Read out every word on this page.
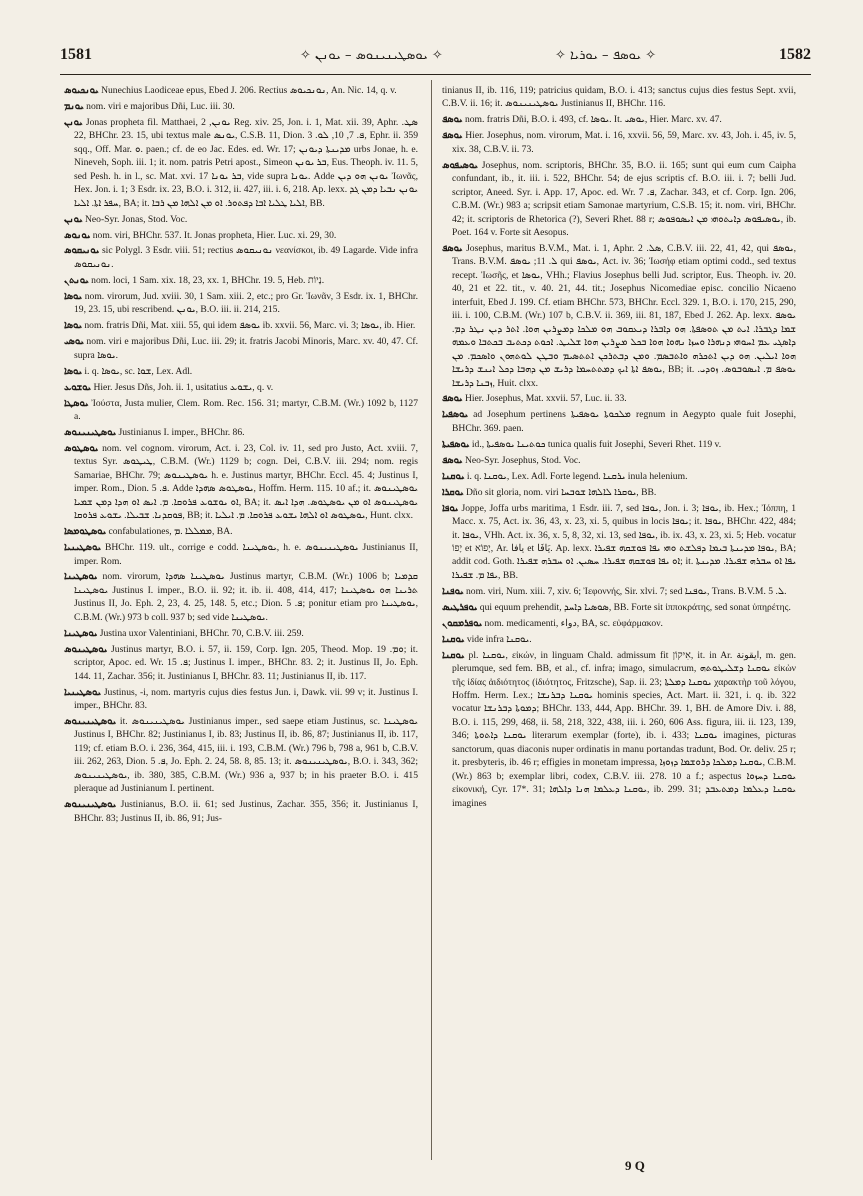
1581	✧ ܝܘܣܛܝܢܝܢܘܣ – ܝܘܢܢ ✧	✧ ܝܘܣܦ – ܝܘܪܝܐ ✧	1582

ܝܘܢܟܝܘܣ Nunechius Laodiceae epus, Ebed J. 206. Rectius ܢܘܢܟܝܘܣ, An. Nic. 14, q. v.

ܝܘܢܡ nom. viri e majoribus Dñi, Luc. iii. 30.

ܝܘܢܢ Jonas propheta fil. Matthaei, ܝܘܢܢ, 2 Reg. xiv. 25, Jon. i. 1, Mat. xii. 39, Aphr. ܣܛ. 22, BHChr. 23. 15, ubi textus male ܝܘܢܣ, C.S.B. 11, Dion. ܦ. 7, 10, ܠܘ. 3, Ephr. ii. 359 sqq., Off. Mar. ܘ. paen.; cf. de eo Jac. Edes. ed. Wr. 17; ܡܕܝܢܬܐ ܕܝܘܢܢ urbs Jonae, h. e. Nineveh, Soph. iii. 1; it. nom. patris Petri apost., Simeon ܒܪ ܝܘܢܢ, Eus. Theoph. iv. 11. 5, sed Pesh. h. in l., sc. Mat. xvi. 17 ܒܪ ܝܘܢܐ, vide supra ܝܘܢܐ. Adde ܝܘܢܢ ܗܘ ܕܝܢ Ἰωνᾶς, Hex. Jon. i. 1; 3 Esdr. ix. 23, B.O. i. 312, ii. 427, iii. i. 6, 218. Ap. lexx. ܝܘܢܢ ܢܒܝܐ ܕܡܢ ܓܕ ܚܦܪ ܐܬܐ. ܐܠܝܐ, BA; it. ܐܠܝܐ ܛܠܝܐ ܐܒܐ ܕܦܬܘܪ. ܐܘ ܡܢ ܐܠܗܐ ܡܢ ܪܒܐ, BB.

ܝܘܢܢ Neo-Syr. Jonas, Stod. Voc.

ܝܘܢܘܣ nom. viri, BHChr. 537. It. Jonas propheta, Hier. Luc. xi. 29, 30.

ܝܘܢܝܩܘܣ sic Polygl. 3 Esdr. viii. 51; rectius ܢܘܢܝܩܘܣ νεανίσκοι, ib. 49 Lagarde. Vide infra ܢܘܢܝܩܘܣ.

ܝܘܢܬܢ nom. loci, 1 Sam. xix. 18, 23, xx. 1, BHChr. 19. 5, Heb. נָיוֹת.

ܝܘܣܐ nom. virorum, Jud. xviii. 30, 1 Sam. xiii. 2, etc.; pro Gr. Ἰωνᾶν, 3 Esdr. ix. 1, BHChr. 19, 23. 15, ubi rescribend. ܝܘܢܢ, B.O. iii. ii. 214, 215.

ܝܘܣܐ nom. fratris Dñi, Mat. xiii. 55, qui idem ܝܘܣܦ ib. xxvii. 56, Marc. vi. 3; ܝܘܣܐ, ib. Hier.

ܝܘܣܝ nom. viri e majoribus Dñi, Luc. iii. 29; it. fratris Jacobi Minoris, Marc. xv. 40, 47. Cf. supra ܝܘܣܐ.

ܝܘܣܐ i. q. ܝܘܣܐ, sc. ܫܘܐ, Lex. Adl.

ܝܘܫܘܥ Hier. Jesus Dñs, Joh. ii. 1, usitatius ܝܫܘܥ, q. v.

ܝܘܣܛܐ Ἰούστα, Justa mulier, Clem. Rom. Rec. 156. 31; martyr, C.B.M. (Wr.) 1092 b, 1127 a.

ܝܘܣܛܝܢܝܢܘܣ Justinianus I. imper., BHChr. 86.

ܝܘܣܛܘܣ nom. vel cognom. virorum, Act. i. 23, Col. iv. 11, sed pro Justo, Act. xviii. 7, textus Syr. ܛܝܛܘܣ, C.B.M. (Wr.) 1129 b; cogn. Dei, C.B.V. iii. 294; nom. regis Samariae, BHChr. 79; ܝܘܣܛܝܢܘܣ h. e. Justinus martyr, BHChr. Eccl. 45. 4; Justinus I, imper. Rom., Dion. ܦ. 5. Adde ܝܘܣܛܘܣ ܣܗܕܐ, Hoffm. Herm. 115. 10 af.; it. ܝܘܣܛܝܢܘܣ ܐܘ ܝܘܫܘܥ ܦܪܘܩܐ. ܡ. ܐܝܣ ܐܘ ܗܕܐ ܕܡܢ ܫܡܝܐ, BA; it. ܝܘܣܛܝܢܘܣ ܐܘ ܡܢ ܝܘܣܛܘܣ. ܗܕܐ ܐܝܣ ܦܘܩܕܢܐ. ܫܒܝܠܐ. ܝܫܘܥ ܦܪܘܩܐ, BB; it. ܝܘܣܛܘܣ ܐܘ ܐܠܗܐ ܝܫܘܥ ܦܪܘܩܐ. ܡ. ܐܝܠܝܐ, Hunt. clxx.

ܝܘܣܛܘܡܣܐ confabulationes, ܡܡܠܠܐ .ܡ, BA.

ܝܘܣܛܝܢܝܐ BHChr. 119. ult., corrige e codd. ܝܘܣܛܝܢܐ, h. e. ܝܘܣܛܝܢܝܢܘܣ Justinianus II, imper. Rom.

ܝܘܣܛܝܢܐ nom. virorum, ܝܘܣܛܝܢܐ ܣܗܕܐ Justinus martyr, C.B.M. (Wr.) 1006 b; ܩܕܡܝܐ ܝܘܣܛܝܢܐ Justinus I. imper., B.O. ii. 92; it. ib. ii. 408, 414, 417; ܬܪܝܢܐ ܗܘ ܝܘܣܛܝܢܐ Justinus II, Jo. Eph. 2, 23, 4. 25, 148. 5, etc.; Dion. ܦ. 5; ponitur etiam pro ܝܘܣܛܝܢܐ, C.B.M. (Wr.) 973 b coll. 937 b; sed vide ܝܘܣܛܝܢܐ.

ܝܘܣܛܝܢܐ Justina uxor Valentiniani, BHChr. 70, C.B.V. iii. 259.

ܝܘܣܛܝܢܘܣ Justinus martyr, B.O. i. 57, ii. 159, Corp. Ign. 205, Theod. Mop. ܘܡ. 19; it. scriptor, Apoc. ed. Wr. ܦ. 15; Justinus I. imper., BHChr. 83. 2; it. Justinus II, Jo. Eph. 144. 11, Zachar. 356; it. Justinianus I, BHChr. 83. 11; Justinianus II, ib. 117.

ܝܘܣܛܝܢܝܐ Justinus, -i, nom. martyris cujus dies festus Jun. i, Dawk. vii. 99 v; it. Justinus I. imper., BHChr. 83.

ܝܘܣܛܝܢܝܢܘܣ it. ܝܘܣܛܝܢܝܢܘܣ Justinianus imper., sed saepe etiam Justinus, sc. ܝܘܣܛܝܢܐ Justinus I, BHChr. 82; Justinianus I, ib. 83; Justinus II, ib. 86, 87; Justinianus II, ib. 117, 119; cf. etiam B.O. i. 236, 364, 415, iii. i. 193, C.B.M. (Wr.) 796 b, 798 a, 961 b, C.B.V. iii. 262, 263, Dion. ܦ. 5, Jo. Eph. 2. 24, 58. 8, 85. 13; it. ܝܘܣܛܝܢܝܢܘܣ, B.O. i. 343, 362; ܝܘܣܛܝܢܝܢܘܣ, ib. 380, 385, C.B.M. (Wr.) 936 a, 937 b; in his praeter B.O. i. 415 pleraque ad Justinianum I. pertinent.

ܝܘܣܛܝܢܝܢܘܣ Justinianus, B.O. ii. 61; sed Justinus, Zachar. 355, 356; it. Justinianus I, BHChr. 83; Justinus II, ib. 86, 91; Jus-

tinianus II, ib. 116, 119; patricius quidam, B.O. i. 413; sanctus cujus dies festus Sept. xvii, C.B.V. ii. 16; it. ܝܘܣܛܝܢܝܢܘܣ Justinianus II, BHChr. 116.

ܝܘܣܦ nom. fratris Dñi, B.O. i. 493, cf. ܝܘܣܐ. It. ܝܘܣܝ, Hier. Marc. xv. 47.

ܝܘܣܦ Hier. Josephus, nom. virorum, Mat. i. 16, xxvii. 56, 59, Marc. xv. 43, Joh. i. 45, iv. 5, xix. 38, C.B.V. ii. 73.

ܝܘܣܝܦܘܣ Josephus, nom. scriptoris, BHChr. 35, B.O. ii. 165; sunt qui eum cum Caipha confundant, ib., it. iii. i. 522, BHChr. 54; de ejus scriptis cf. B.O. iii. i. 7; belli Jud. scriptor, Aneed. Syr. i. App. 17, Apoc. ed. Wr. ܦ. 7, Zachar. 343, et cf. Corp. Ign. 206, C.B.M. (Wr.) 983 a; scripsit etiam Samonae martyrium, C.S.B. 15; it. nom. viri, BHChr. 42; it. scriptoris de Rhetorica (?), Severi Rhet. 88 r; ܝܘܣܝܦܘܣ ܕܐܝܬܘܗܝ ܡܢ ܐܝܣܘܦܘܣ, ib. Poet. 164 v. Forte sit Aesopus.

ܝܘܣܦ Josephus, maritus B.V.M., Mat. i. 1, Aphr. ܣܠ. 2, C.B.V. iii. 22, 41, 42, qui ܝܘܣܦ, Trans. B.V.M. ܠ. 11; ܝܘܣܦ qui ܝܘܣܦ, Act. iv. 36; Ἰωσήφ etiam optimi codd., sed textus recept. Ἰωσῆς, et ܝܘܣܐ, VHh.; Flavius Josephus belli Jud. scriptor, Eus. Theoph. iv. 20. 40, 21 et 22. tit., v. 40. 21, 44. tit.; Josephus Nicomediae episc. concilio Nicaeno interfuit, Ebed J. 199. Cf. etiam BHChr. 573, BHChr. Eccl. 329. 1, B.O. i. 170, 215, 290, iii. i. 100, C.B.M. (Wr.) 107 b, C.B.V. ii. 369, iii. 81, 187, Ebed J. 262. Ap. lexx. ܝܘܣܦ ܫܡܐ ܕܓܒܪܐ. ܐܝܬ ܡܢ ܬܘܣܦܬܐ. ܗܘ ܕܐܒܪܐ ܕܝܥܩܘܒ ܗܘ ܡܠܟܐ ܕܡܨܪܝܢ ܗܘܐ. ܐܬܪ ܕܝܢ ܢܛܪ ܕܡ. ܕܐܣܓܝ ܥܡ ܐܚܘܗܝ ܕܢܗܪܐ ܘܚܙܐ ܢܗܘܐ ܗܘܐ ܒܟܠ ܡܨܪܝܢ ܗܘܐ ܫܠܝܛ. ܐܟܘܬ ܕܟܬܝܒ ܒܟܬܒܐ ܘܥܡܗ ܗܘܐ ܐܝܠܝܢ. ܗܘ ܕܝܢ ܐܬܟܪܗ ܘܐܬܒܣܡ. ܘܡܢ ܕܒܬܪܟܢ ܐܬܬܣܝܡ ܘܒܛܢ ܠܘܬܗܘܢ ܘܐܣܟܡ. ܡܢ ܝܘܣܦ ܐܬܐ ܐܝܟ ܕܡܬܬܚܡܐ ܕܪܝܫ ܡܢ ܕܗܒܐ ܕܟܠ ܐܝܢܫ ܕܪܝܫܐ, BB; it. ܝܘܣܦ ܡ. ܐܝܣܘܒܘܣ. ܙܘܕܝ. ܙܒܢܐ ܕܪܝܫܐ, Huit. clxx.

ܝܘܣܦ Hier. Josephus, Mat. xxvii. 57, Luc. ii. 33.

ܝܘܣܦܝܐ ad Josephum pertinens ܡܠܟܘܬܐ ܝܘܣܦܝܬܐ regnum in Aegypto quale fuit Josephi, BHChr. 369. paen.

ܝܘܣܦܝܬܐ id., ܟܘܬܝܢܐ ܝܘܣܦܝܬܐ tunica qualis fuit Josephi, Severi Rhet. 119 v.

ܝܘܣܦ Neo-Syr. Josephus, Stod. Voc.

ܝܘܩܢܐ i. q. ܝܘܩܢܐ, Lex. Adl. Forte legend. ܝܪܩܢܐ inula helenium.

ܝܘܩܪܐ Dño sit gloria, nom. viri ܝܘܩܪܐ ܠܐܠܗܐ ܫܘܒܚܐ, BB.

ܝܘܦܐ Joppe, Joffa urbs maritima, 1 Esdr. iii. 7, sed ܝܘܦܐ, Jon. i. 3; ܝܘܦܐ, ib. Hex.; Ἰόππη, 1 Macc. x. 75, Act. ix. 36, 43, x. 23, xi. 5, quibus in locis ܝܘܦܐ; it. ܝܘܦܐ, BHChr. 422, 484; it. ܝܘܦܐ, VHh. Act. ix. 36, x. 5, 8, 32, xi. 13, sed ܝܘܦܐ, ib. ix. 43, x. 23, xi. 5; Heb. vocatur יָפוֹ et יָפוֹא, Ar. يافا et يَافَا. Ap. lexx. ܝܘܦܐ ܡܕܝܢܬܐ ܒܝܡܐ ܕܦܠܫܬ ܘܗܝ ܝܦܐ ܦܘܫܩܗ ܫܦܝܪܐ, BA; addit cod. Goth. ܐܘ ܝܦܐ ܦܘܫܩܗ ܫܦܝܪܐ. ܚܣܝܢ. ܐܘ ܚܒܪܗ ܫܦܝܪܐ; it. ܝܦܐ ܐܘ ܚܒܪܗ ܫܦܝܪܐ. ܡܕܝܢܬܐ ܝܦܐ ܡ. ܫܦܝܪܐ, BB.

ܝܘܦܢܐ nom. viri, Num. xiii. 7, xiv. 6; Ἰεφοννής, Sir. xlvi. 7; sed ܝܘܦܢܐ, Trans. B.V.M. ܠ. 5.

ܝܘܦܪܛܝܣ qui equum prehendit, ܣܘܣܝܐ ܕܐܚܕ, BB. Forte sit ἱπποκράτης, sed sonat ὑπηρέτης.

ܝܘܦܪܡܩܘܢ nom. medicamenti, دواء, BA, sc. εὐφάρμακον.

ܝܘܩܢܐ vide infra ܝܘܩܢܐ.

ܝܘܩܢܐ pl. ܝܘܩܢܐ, εἰκών, in linguam Chald. admissum fit אִיקוֹן, it. in Ar. ايقونة, m. gen. plerumque, sed fem. BB, et al., cf. infra; imago, simulacrum, ܝܘܩܢܐ ܕܫܠܝܛܘܬܗ εἰκὼν τῆς ἰδίας ἀιδιότητος (ἰδιότητος, Fritzsche), Sap. ii. 23; ܝܘܩܢܐ ܕܡܠܬܐ χαρακτὴρ τοῦ λόγου, Hoffm. Herm. Lex.; ܝܘܩܢܐ ܕܒܪܢܫܐ hominis species, Act. Mart. ii. 321, i. q. ib. 322 vocatur ܕܡܘܬܐ ܕܒܪܢܫܐ; BHChr. 133, 444, App. BHChr. 39. 1, BH. de Amore Div. i. 88, B.O. i. 115, 299, 468, ii. 58, 218, 322, 438, iii. i. 260, 606 Ass. figura, iii. ii. 123, 139, 346; ܝܘܩܢܐ ܕܐܬܘܬܐ literarum exemplar (forte), ib. i. 433; ܝܘܩܢܐ imagines, picturas sanctorum, quas diaconis nuper ordinatis in manu portandas tradunt, Bod. Or. deliv. 25 r; it. presbyteris, ib. 46 r; effigies in monetam impressa, ܝܘܩܢܐ ܕܡܠܟܐ ܕܪܘܫܡܐ ܕܙܘܙܐ, C.B.M. (Wr.) 863 b; exemplar libri, codex, C.B.V. iii. 278. 10 a f.; aspectus ܝܘܩܢܐ ܕܚܙܘܐ εἰκονική, Cyr. 17*. 31; ܝܘܩܢܐ ܕܥܠܡܐ ܗܢܐ ܕܐܠܗܐ, ib. 299. 31; ܝܘܩܢܐ ܕܥܠܡܐ ܕܡܬܥܒܕ imagines

9 Q
